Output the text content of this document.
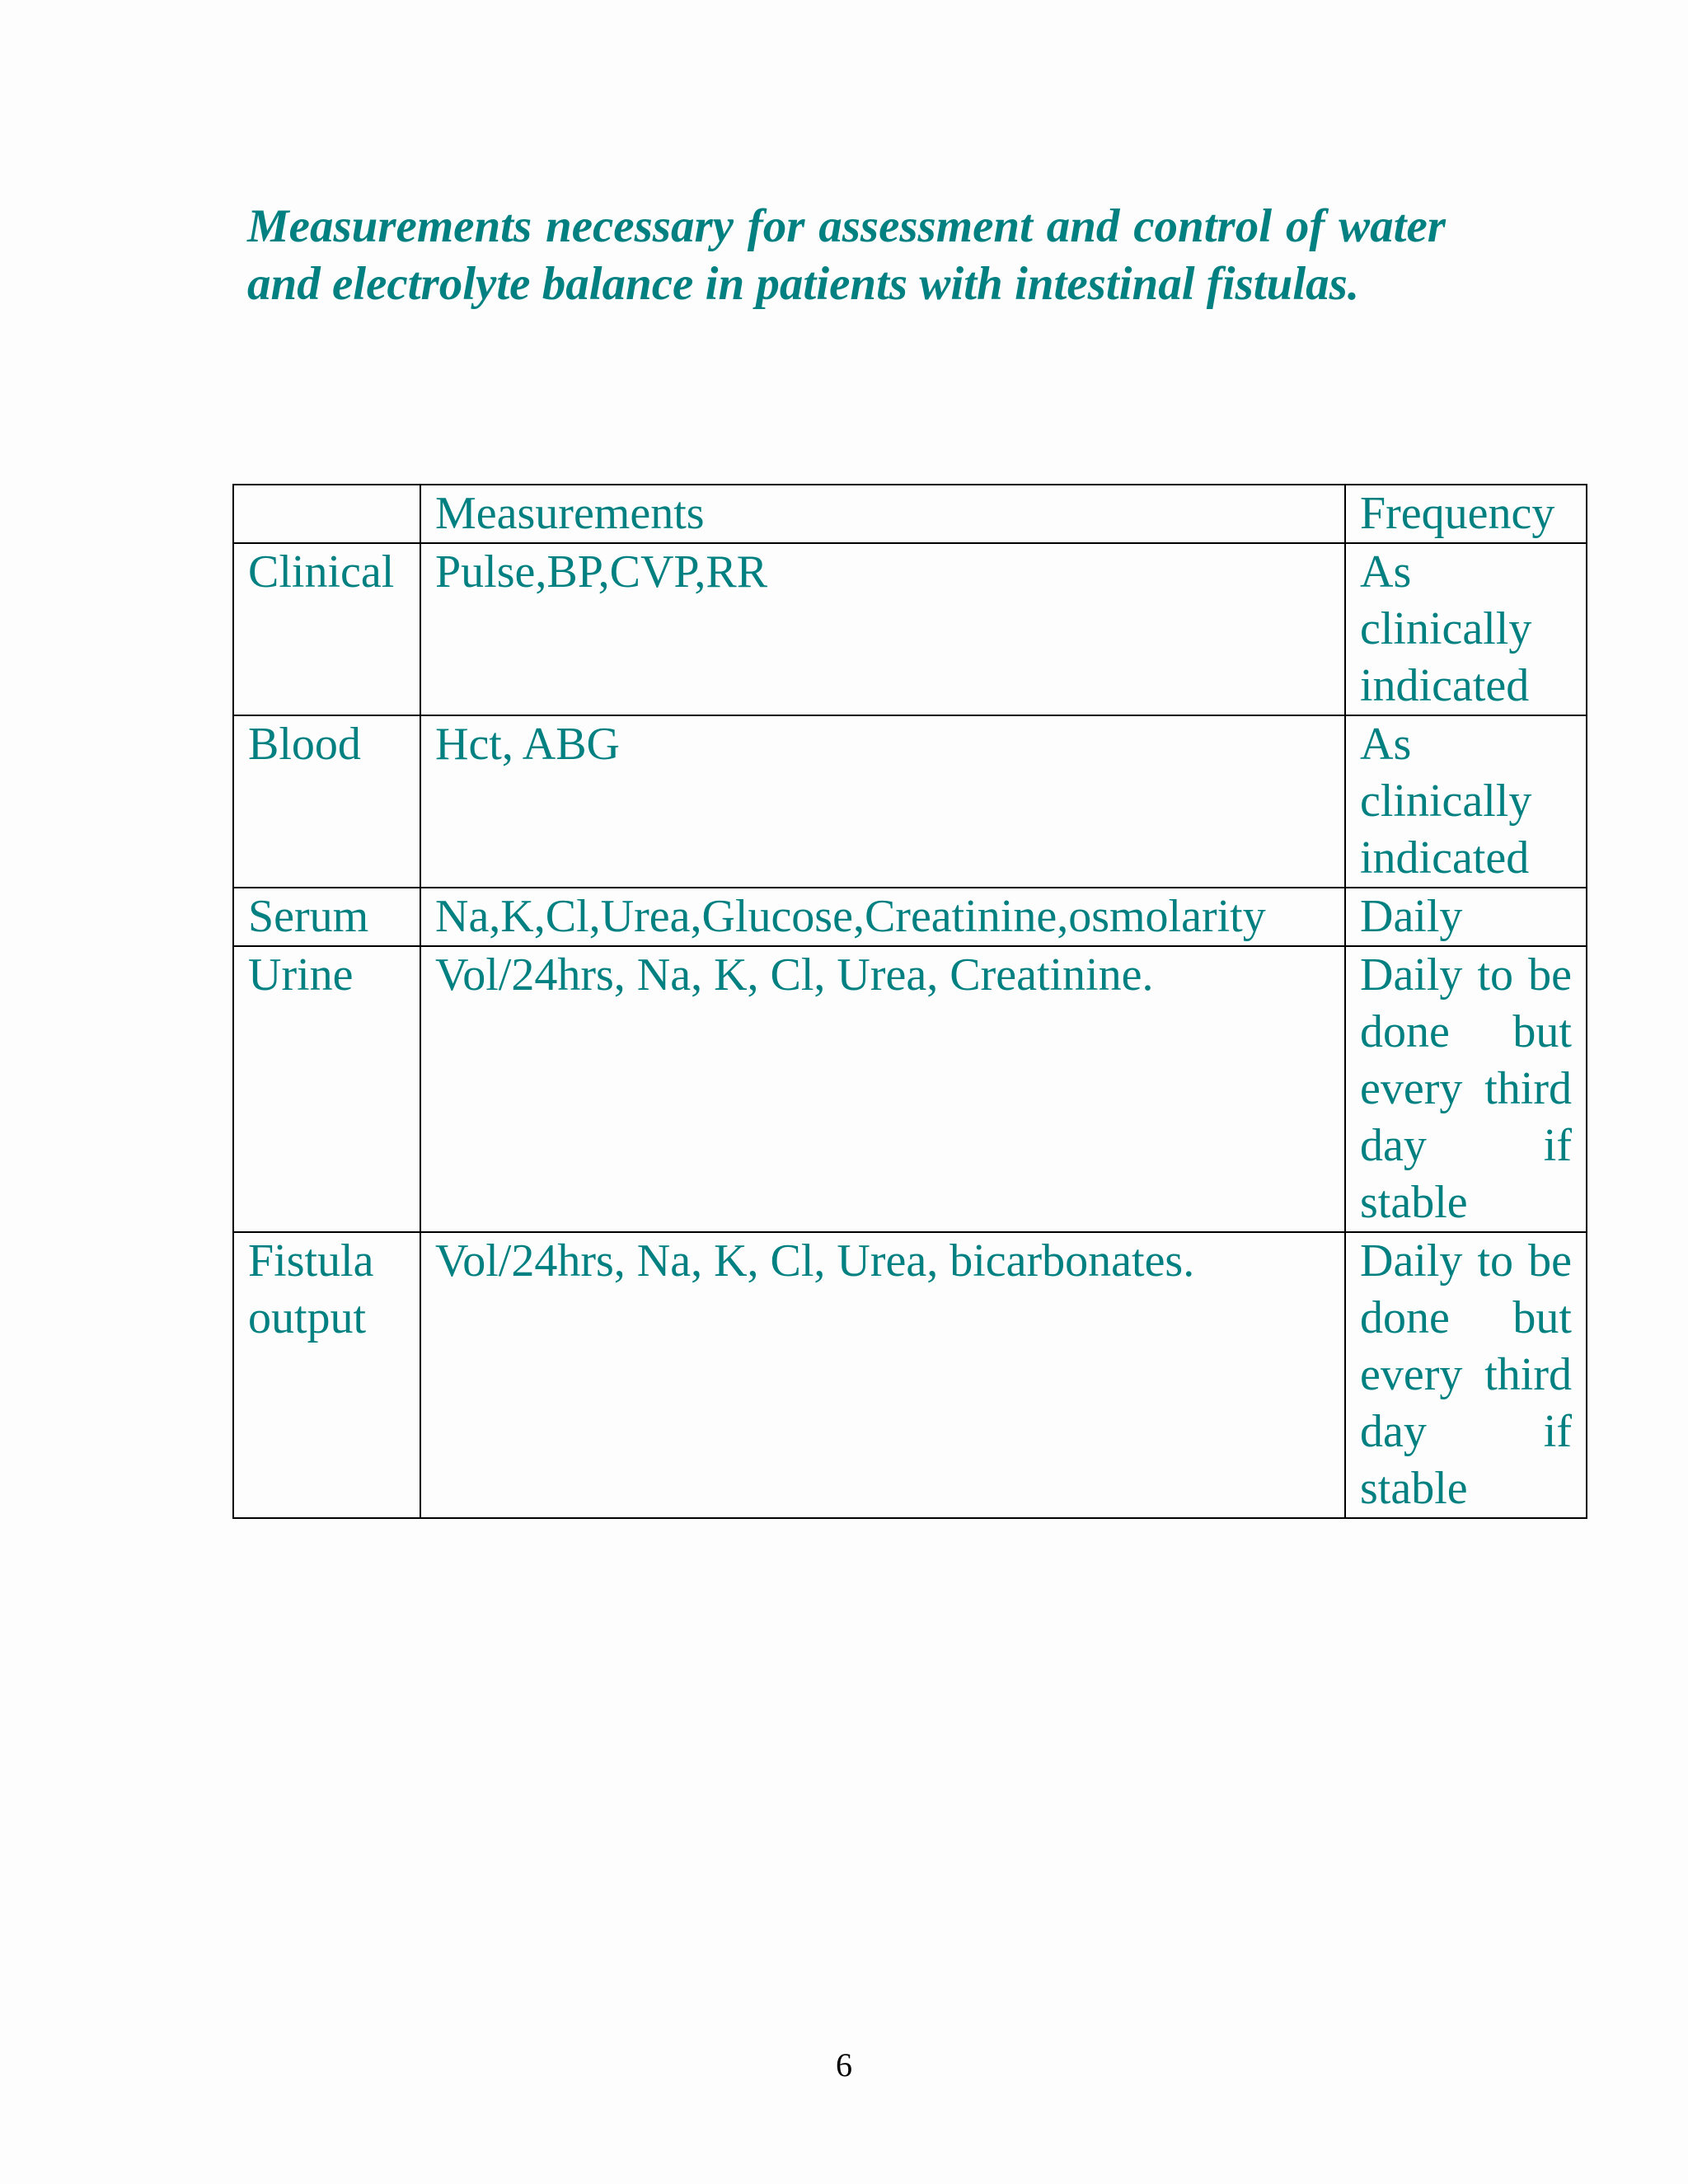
Measurements necessary for assessment and control of water and electrolyte balance in patients with intestinal fistulas.

	Measurements	Frequency
Clinical	Pulse,BP,CVP,RR	As clinically indicated
Blood	Hct, ABG	As clinically indicated
Serum	Na,K,Cl,Urea,Glucose,Creatinine,osmolarity	Daily
Urine	Vol/24hrs, Na, K, Cl, Urea, Creatinine.	Daily to be done but every third day if stable
Fistula output	Vol/24hrs, Na, K, Cl, Urea, bicarbonates.	Daily to be done but every third day if stable
6
